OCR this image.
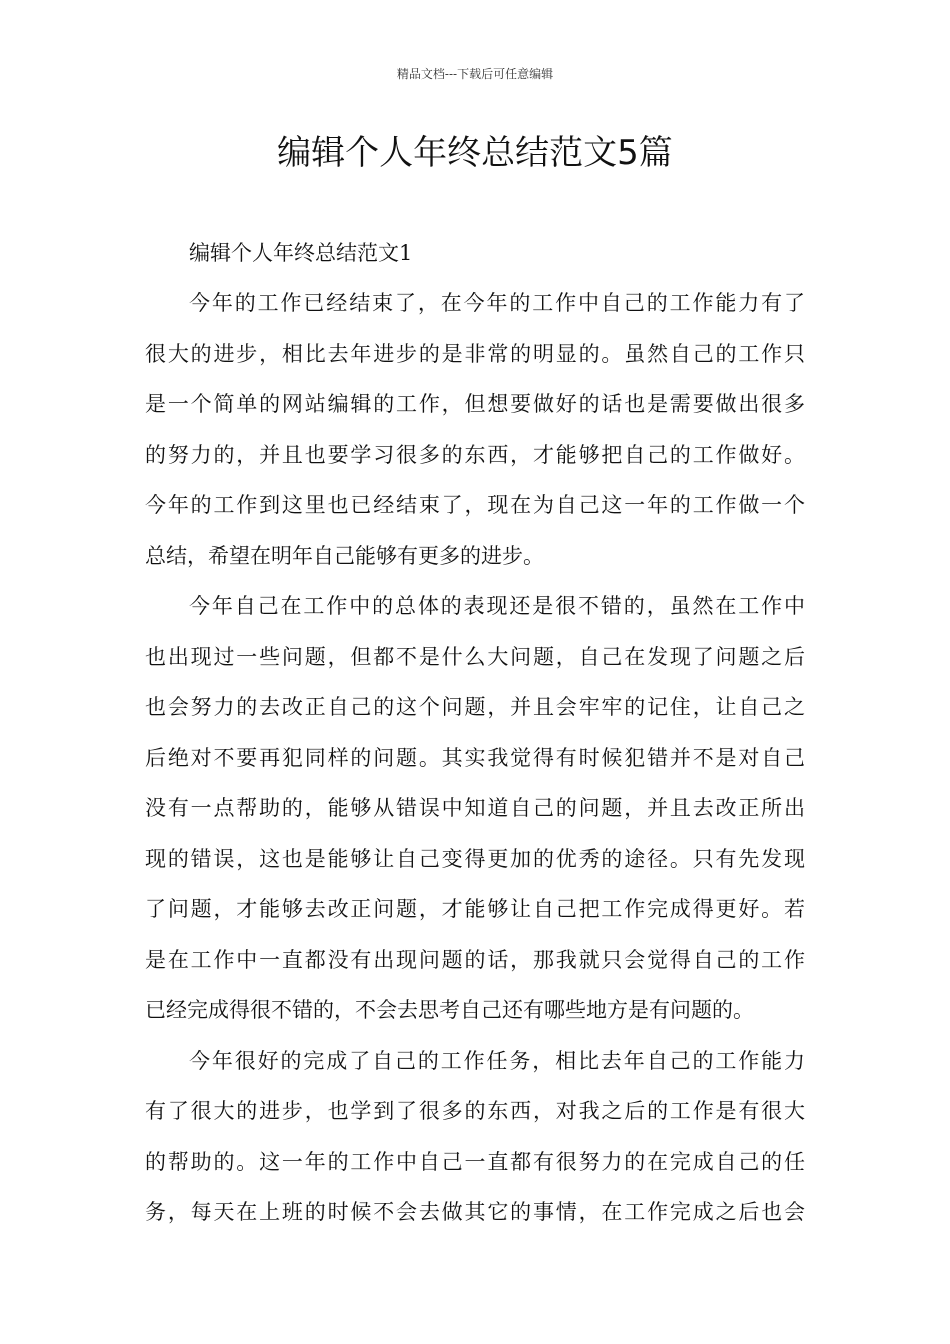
精品文档---下载后可任意编辑
编辑个人年终总结范文5篇
编辑个人年终总结范文1

今年的工作已经结束了，在今年的工作中自己的工作能力有了
很大的进步，相比去年进步的是非常的明显的。虽然自己的工作只
是一个简单的网站编辑的工作，但想要做好的话也是需要做出很多
的努力的，并且也要学习很多的东西，才能够把自己的工作做好。
今年的工作到这里也已经结束了，现在为自己这一年的工作做一个
总结，希望在明年自己能够有更多的进步。

今年自己在工作中的总体的表现还是很不错的，虽然在工作中
也出现过一些问题，但都不是什么大问题，自己在发现了问题之后
也会努力的去改正自己的这个问题，并且会牢牢的记住，让自己之
后绝对不要再犯同样的问题。其实我觉得有时候犯错并不是对自己
没有一点帮助的，能够从错误中知道自己的问题，并且去改正所出
现的错误，这也是能够让自己变得更加的优秀的途径。只有先发现
了问题，才能够去改正问题，才能够让自己把工作完成得更好。若
是在工作中一直都没有出现问题的话，那我就只会觉得自己的工作
已经完成得很不错的，不会去思考自己还有哪些地方是有问题的。

今年很好的完成了自己的工作任务，相比去年自己的工作能力
有了很大的进步，也学到了很多的东西，对我之后的工作是有很大
的帮助的。这一年的工作中自己一直都有很努力的在完成自己的任
务，每天在上班的时候不会去做其它的事情，在工作完成之后也会
